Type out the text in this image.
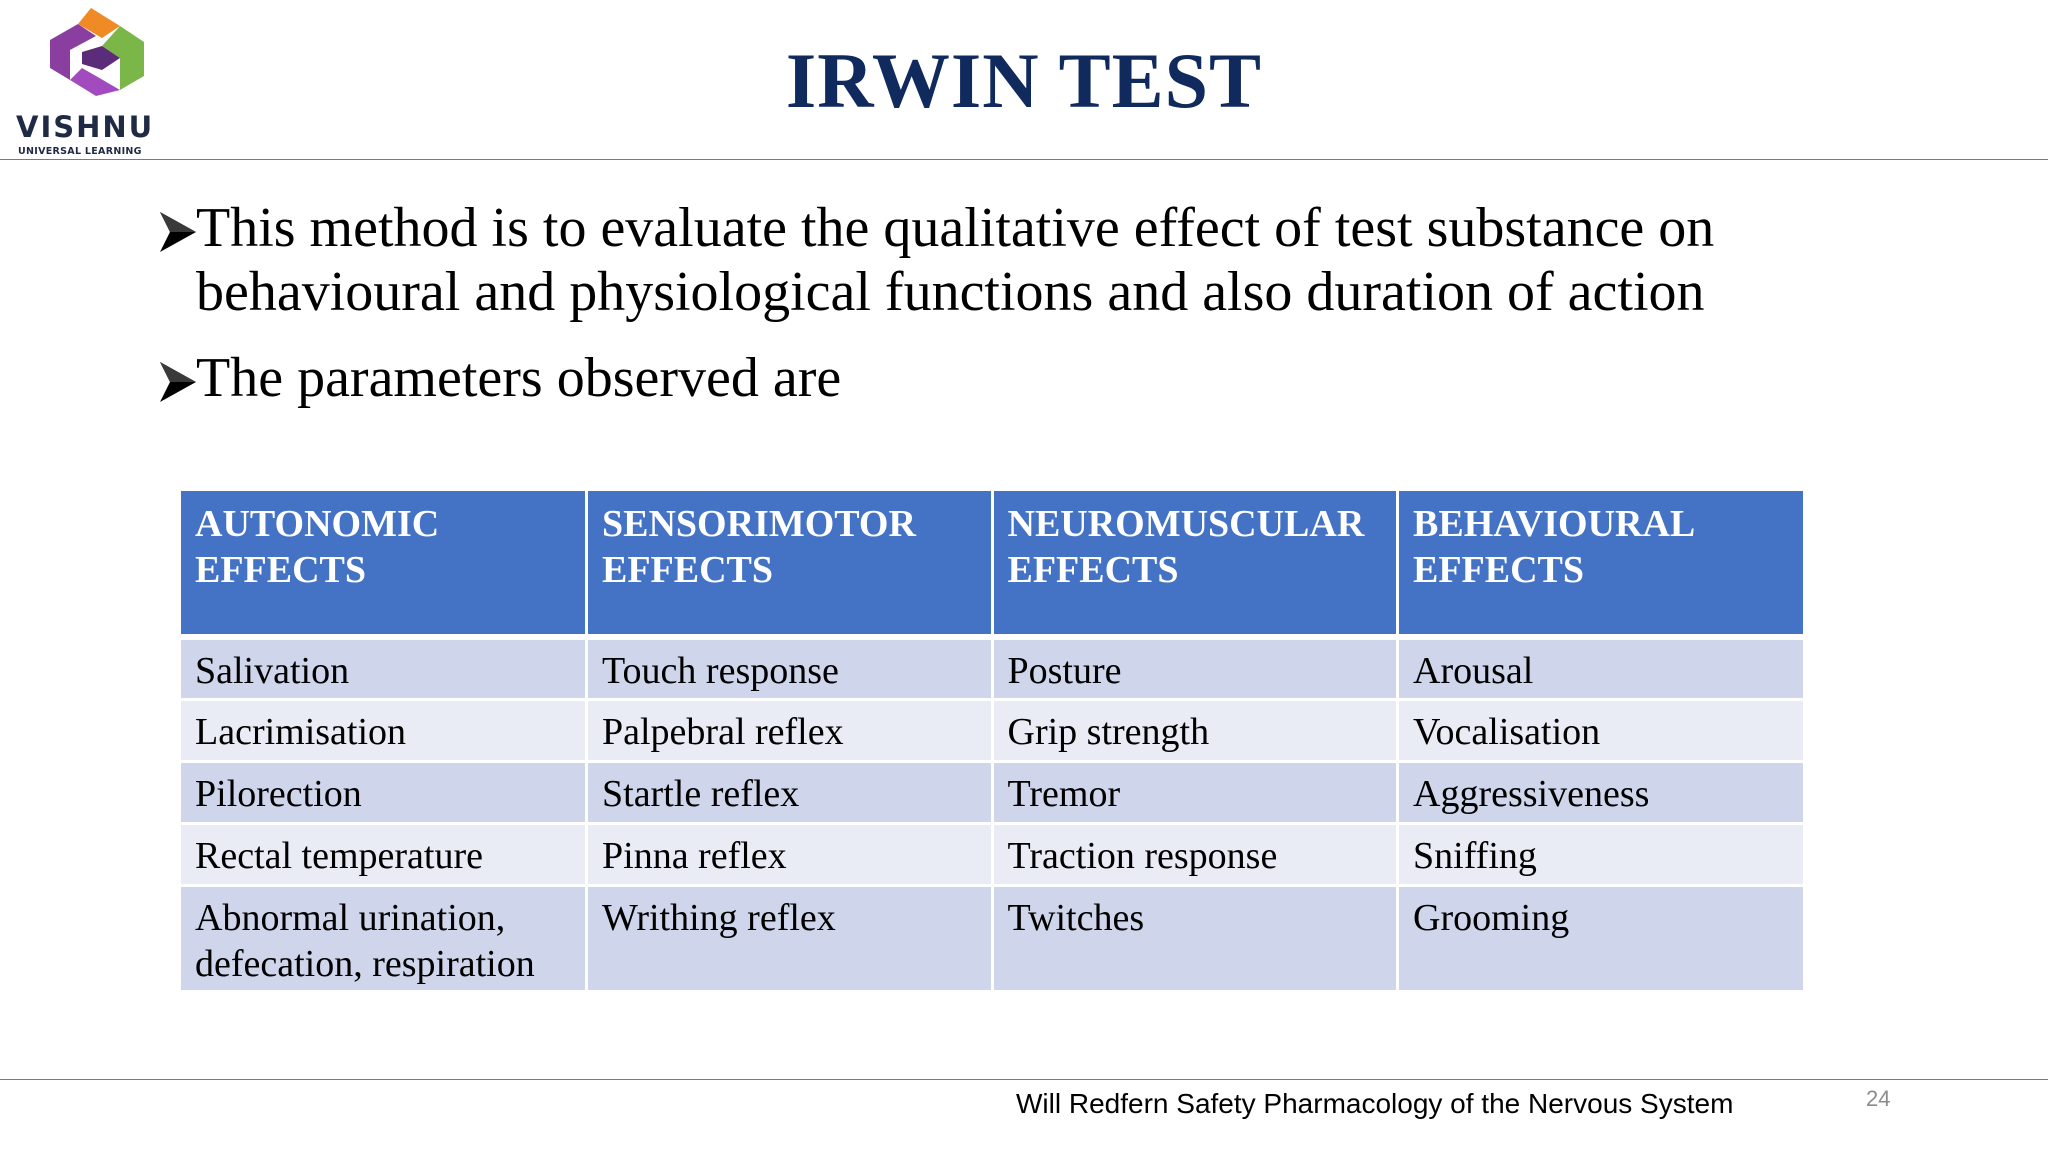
VISHNU
UNIVERSAL LEARNING
IRWIN TEST
This method is to evaluate the qualitative effect of test substance on behavioural and physiological functions and also duration of action
The parameters observed are
AUTONOMIC EFFECTS	SENSORIMOTOR EFFECTS	NEUROMUSCULAR EFFECTS	BEHAVIOURAL EFFECTS
Salivation	Touch response	Posture	Arousal
Lacrimisation	Palpebral reflex	Grip strength	Vocalisation
Pilorection	Startle reflex	Tremor	Aggressiveness
Rectal temperature	Pinna reflex	Traction response	Sniffing
Abnormal urination, defecation, respiration	Writhing reflex	Twitches	Grooming
Will Redfern Safety Pharmacology of the Nervous System	24
